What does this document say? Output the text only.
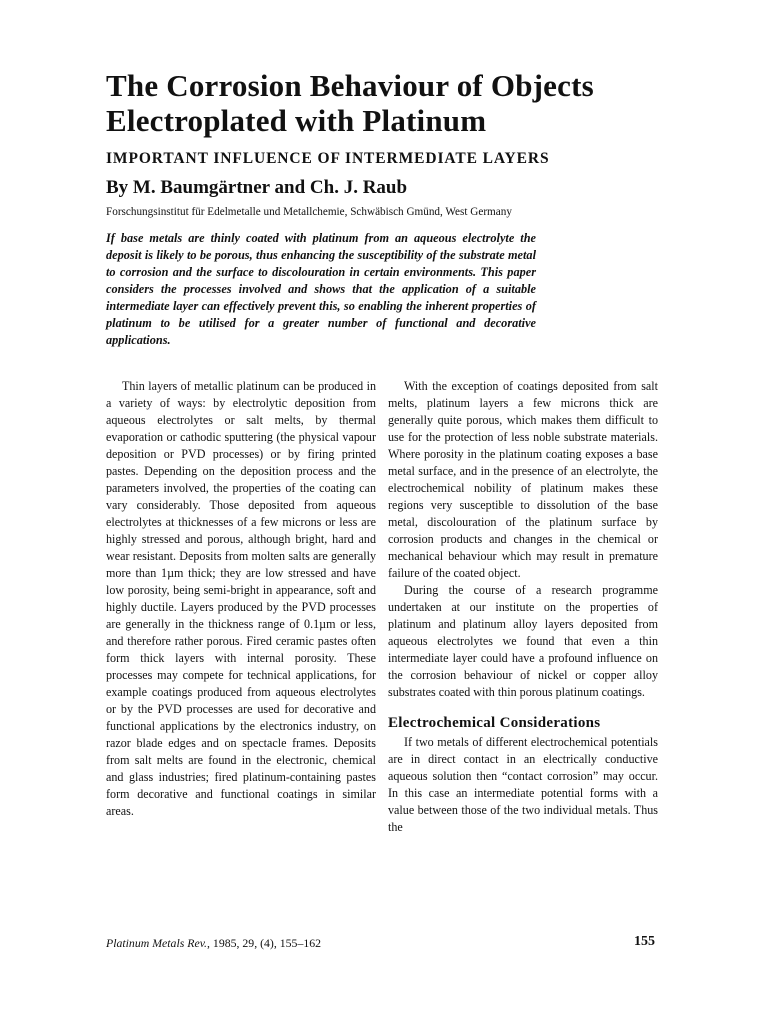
The Corrosion Behaviour of Objects
Electroplated with Platinum
IMPORTANT INFLUENCE OF INTERMEDIATE LAYERS

By M. Baumgärtner and Ch. J. Raub

Forschungsinstitut für Edelmetalle und Metallchemie, Schwäbisch Gmünd, West Germany

If base metals are thinly coated with platinum from an aqueous electrolyte the deposit is likely to be porous, thus enhancing the susceptibility of the substrate metal to corrosion and the surface to discolouration in certain environments. This paper considers the processes involved and shows that the application of a suitable intermediate layer can effectively prevent this, so enabling the inherent properties of platinum to be utilised for a greater number of functional and decorative applications.

Thin layers of metallic platinum can be produced in a variety of ways: by electrolytic deposition from aqueous electrolytes or salt melts, by thermal evaporation or cathodic sputtering (the physical vapour deposition or PVD processes) or by firing printed pastes. Depending on the deposition process and the parameters involved, the properties of the coating can vary considerably. Those deposited from aqueous electrolytes at thicknesses of a few microns or less are highly stressed and porous, although bright, hard and wear resistant. Deposits from molten salts are generally more than 1µm thick; they are low stressed and have low porosity, being semi-bright in appearance, soft and highly ductile. Layers produced by the PVD processes are generally in the thickness range of 0.1µm or less, and therefore rather porous. Fired ceramic pastes often form thick layers with internal porosity. These processes may compete for technical applications, for example coatings produced from aqueous electrolytes or by the PVD processes are used for decorative and functional applications by the electronics industry, on razor blade edges and on spectacle frames. Deposits from salt melts are found in the electronic, chemical and glass industries; fired platinum-containing pastes form decorative and functional coatings in similar areas.

With the exception of coatings deposited from salt melts, platinum layers a few microns thick are generally quite porous, which makes them difficult to use for the protection of less noble substrate materials. Where porosity in the platinum coating exposes a base metal surface, and in the presence of an electrolyte, the electrochemical nobility of platinum makes these regions very susceptible to dissolution of the base metal, discolouration of the platinum surface by corrosion products and changes in the chemical or mechanical behaviour which may result in premature failure of the coated object.

During the course of a research programme undertaken at our institute on the properties of platinum and platinum alloy layers deposited from aqueous electrolytes we found that even a thin intermediate layer could have a profound influence on the corrosion behaviour of nickel or copper alloy substrates coated with thin porous platinum coatings.

Electrochemical Considerations

If two metals of different electrochemical potentials are in direct contact in an electrically conductive aqueous solution then “contact corrosion” may occur. In this case an intermediate potential forms with a value between those of the two individual metals. Thus the

Platinum Metals Rev., 1985, 29, (4), 155–162	155
